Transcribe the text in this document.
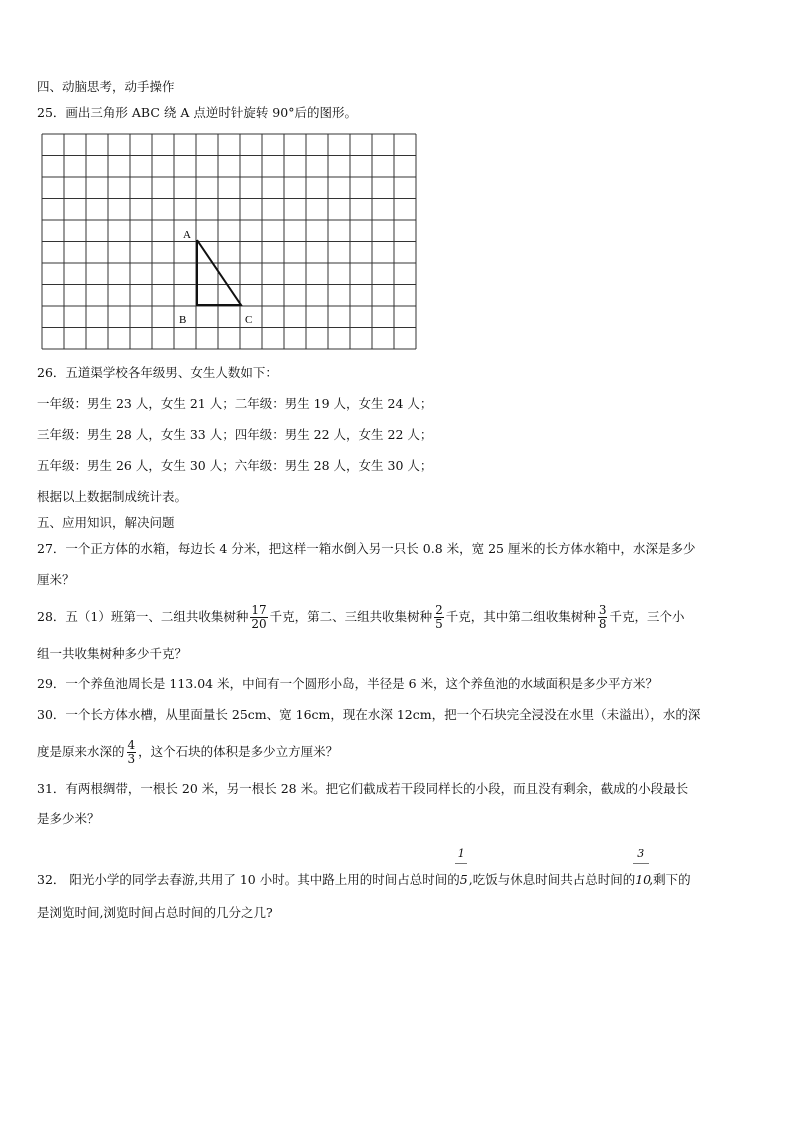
四、动脑思考，动手操作
25．画出三角形 ABC 绕 A 点逆时针旋转 90°后的图形。
A
B	C
26．五道渠学校各年级男、女生人数如下：
一年级：男生 23 人，女生 21 人；二年级：男生 19 人，女生 24 人；
三年级：男生 28 人，女生 33 人；四年级：男生 22 人，女生 22 人；
五年级：男生 26 人，女生 30 人；六年级：男生 28 人，女生 30 人；
根据以上数据制成统计表。
五、应用知识，解决问题
27．一个正方体的水箱，每边长 4 分米，把这样一箱水倒入另一只长 0.8 米，宽 25 厘米的长方体水箱中，水深是多少
厘米？
28．五（1）班第一、二组共收集树种 $\frac{17}{20}$ 千克，第二、三组共收集树种 $\frac{2}{5}$ 千克，其中第二组收集树种 $\frac{3}{8}$ 千克，三个小
组一共收集树种多少千克？
29．一个养鱼池周长是 113.04 米，中间有一个圆形小岛，半径是 6 米，这个养鱼池的水域面积是多少平方米？
30．一个长方体水槽，从里面量长 25cm、宽 16cm，现在水深 12cm，把一个石块完全浸没在水里（未溢出），水的深
度是原来水深的 $\frac{4}{3}$ ，这个石块的体积是多少立方厘米？
31．有两根绸带，一根长 20 米，另一根长 28 米。把它们截成若干段同样长的小段，而且没有剩余，截成的小段最长
是多少米？
32． 阳光小学的同学去春游,共用了 10 小时。其中路上用的时间占总时间的 $\frac{1}{5}$,吃饭与休息时间共占总时间的 $\frac{3}{10}$,剩下的
是浏览时间,浏览时间占总时间的几分之几?
